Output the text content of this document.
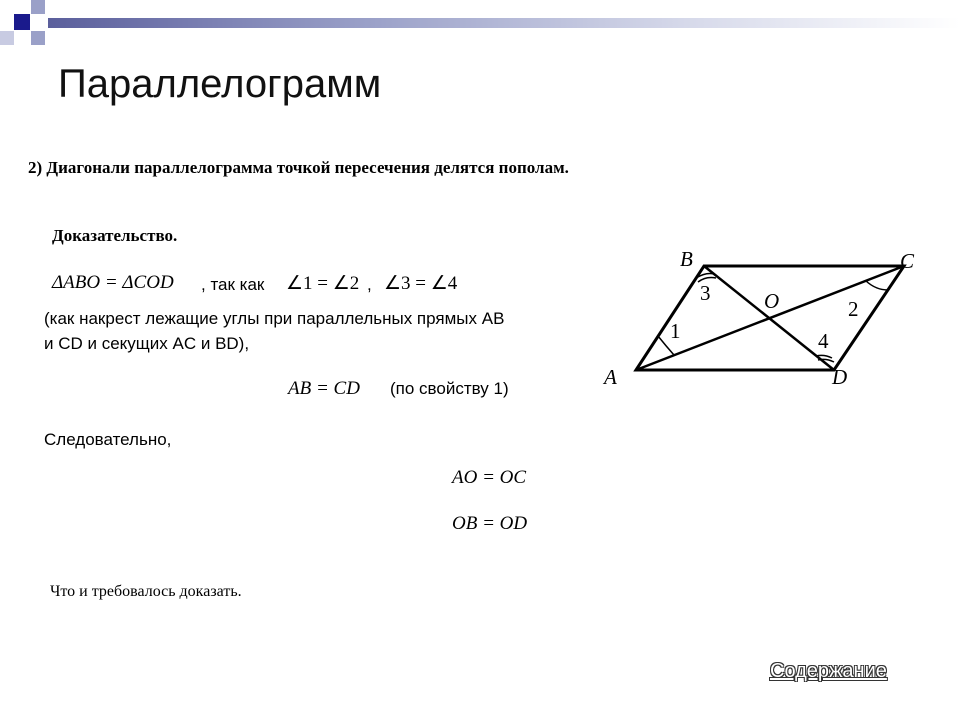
Параллелограмм
2) Диагонали параллелограмма точкой пересечения делятся пополам.
Доказательство.
ΔABO = ΔCOD , так как ∠1 = ∠2 , ∠3 = ∠4
(как накрест лежащие углы при параллельных прямых AB
и CD и секущих AC и BD),
AB = CD (по свойству 1)
Следовательно,
AO = OC
OB = OD
Что и требовалось доказать.
Содержание
B	C
A	D
O
1
2
3
4
